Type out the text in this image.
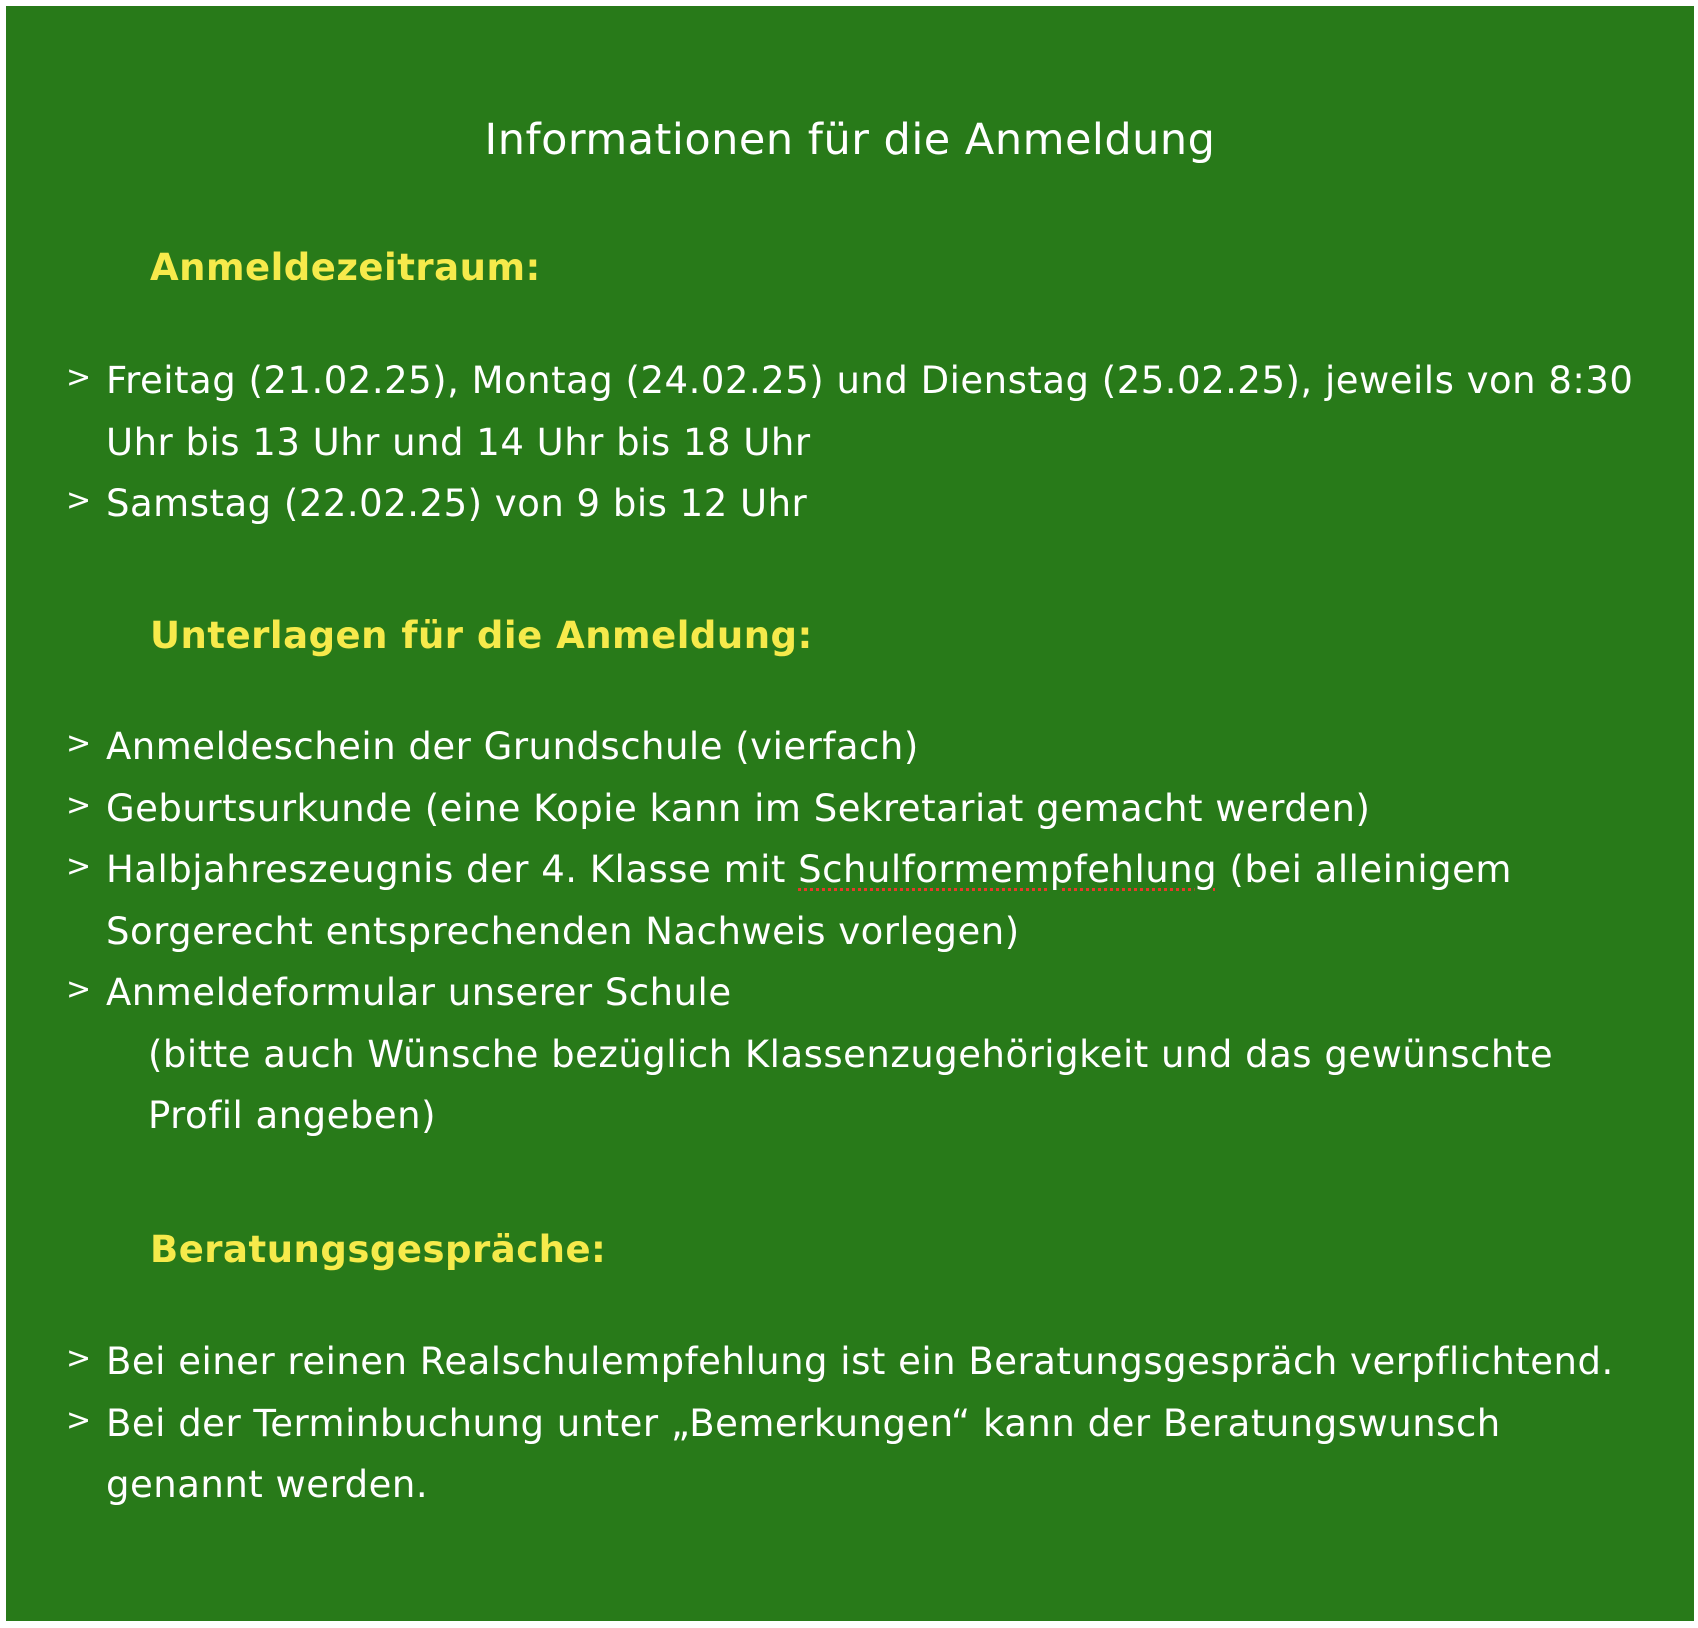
Informationen für die Anmeldung
Anmeldezeitraum:
> Freitag (21.02.25), Montag (24.02.25) und Dienstag (25.02.25), jeweils von 8:30 Uhr bis 13 Uhr und 14 Uhr bis 18 Uhr
> Samstag (22.02.25) von 9 bis 12 Uhr
Unterlagen für die Anmeldung:
> Anmeldeschein der Grundschule (vierfach)
> Geburtsurkunde (eine Kopie kann im Sekretariat gemacht werden)
> Halbjahreszeugnis der 4. Klasse mit Schulformempfehlung (bei alleinigem Sorgerecht entsprechenden Nachweis vorlegen)
> Anmeldeformular unserer Schule
(bitte auch Wünsche bezüglich Klassenzugehörigkeit und das gewünschte Profil angeben)
Beratungsgespräche:
> Bei einer reinen Realschulempfehlung ist ein Beratungsgespräch verpflichtend.
> Bei der Terminbuchung unter „Bemerkungen“ kann der Beratungswunsch genannt werden.
